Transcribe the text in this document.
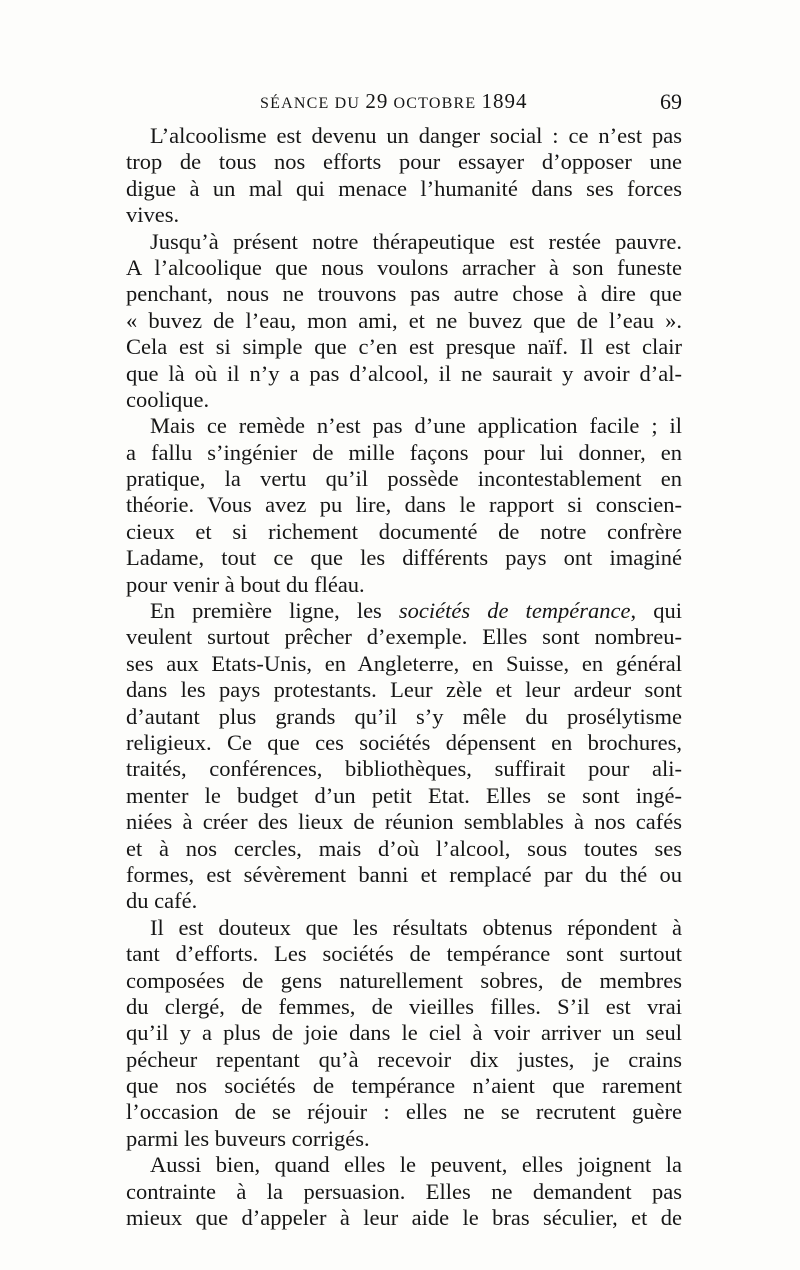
SÉANCE DU 29 OCTOBRE 1894	69
L’alcoolisme est devenu un danger social : ce n’est pas
trop de tous nos efforts pour essayer d’opposer une
digue à un mal qui menace l’humanité dans ses forces
vives.
Jusqu’à présent notre thérapeutique est restée pauvre.
A l’alcoolique que nous voulons arracher à son funeste
penchant, nous ne trouvons pas autre chose à dire que
« buvez de l’eau, mon ami, et ne buvez que de l’eau ».
Cela est si simple que c’en est presque naïf. Il est clair
que là où il n’y a pas d’alcool, il ne saurait y avoir d’al-
coolique.
Mais ce remède n’est pas d’une application facile ; il
a fallu s’ingénier de mille façons pour lui donner, en
pratique, la vertu qu’il possède incontestablement en
théorie. Vous avez pu lire, dans le rapport si conscien-
cieux et si richement documenté de notre confrère
Ladame, tout ce que les différents pays ont imaginé
pour venir à bout du fléau.
En première ligne, les sociétés de tempérance, qui
veulent surtout prêcher d’exemple. Elles sont nombreu-
ses aux Etats-Unis, en Angleterre, en Suisse, en général
dans les pays protestants. Leur zèle et leur ardeur sont
d’autant plus grands qu’il s’y mêle du prosélytisme
religieux. Ce que ces sociétés dépensent en brochures,
traités, conférences, bibliothèques, suffirait pour ali-
menter le budget d’un petit Etat. Elles se sont ingé-
niées à créer des lieux de réunion semblables à nos cafés
et à nos cercles, mais d’où l’alcool, sous toutes ses
formes, est sévèrement banni et remplacé par du thé ou
du café.
Il est douteux que les résultats obtenus répondent à
tant d’efforts. Les sociétés de tempérance sont surtout
composées de gens naturellement sobres, de membres
du clergé, de femmes, de vieilles filles. S’il est vrai
qu’il y a plus de joie dans le ciel à voir arriver un seul
pécheur repentant qu’à recevoir dix justes, je crains
que nos sociétés de tempérance n’aient que rarement
l’occasion de se réjouir : elles ne se recrutent guère
parmi les buveurs corrigés.
Aussi bien, quand elles le peuvent, elles joignent la
contrainte à la persuasion. Elles ne demandent pas
mieux que d’appeler à leur aide le bras séculier, et de
